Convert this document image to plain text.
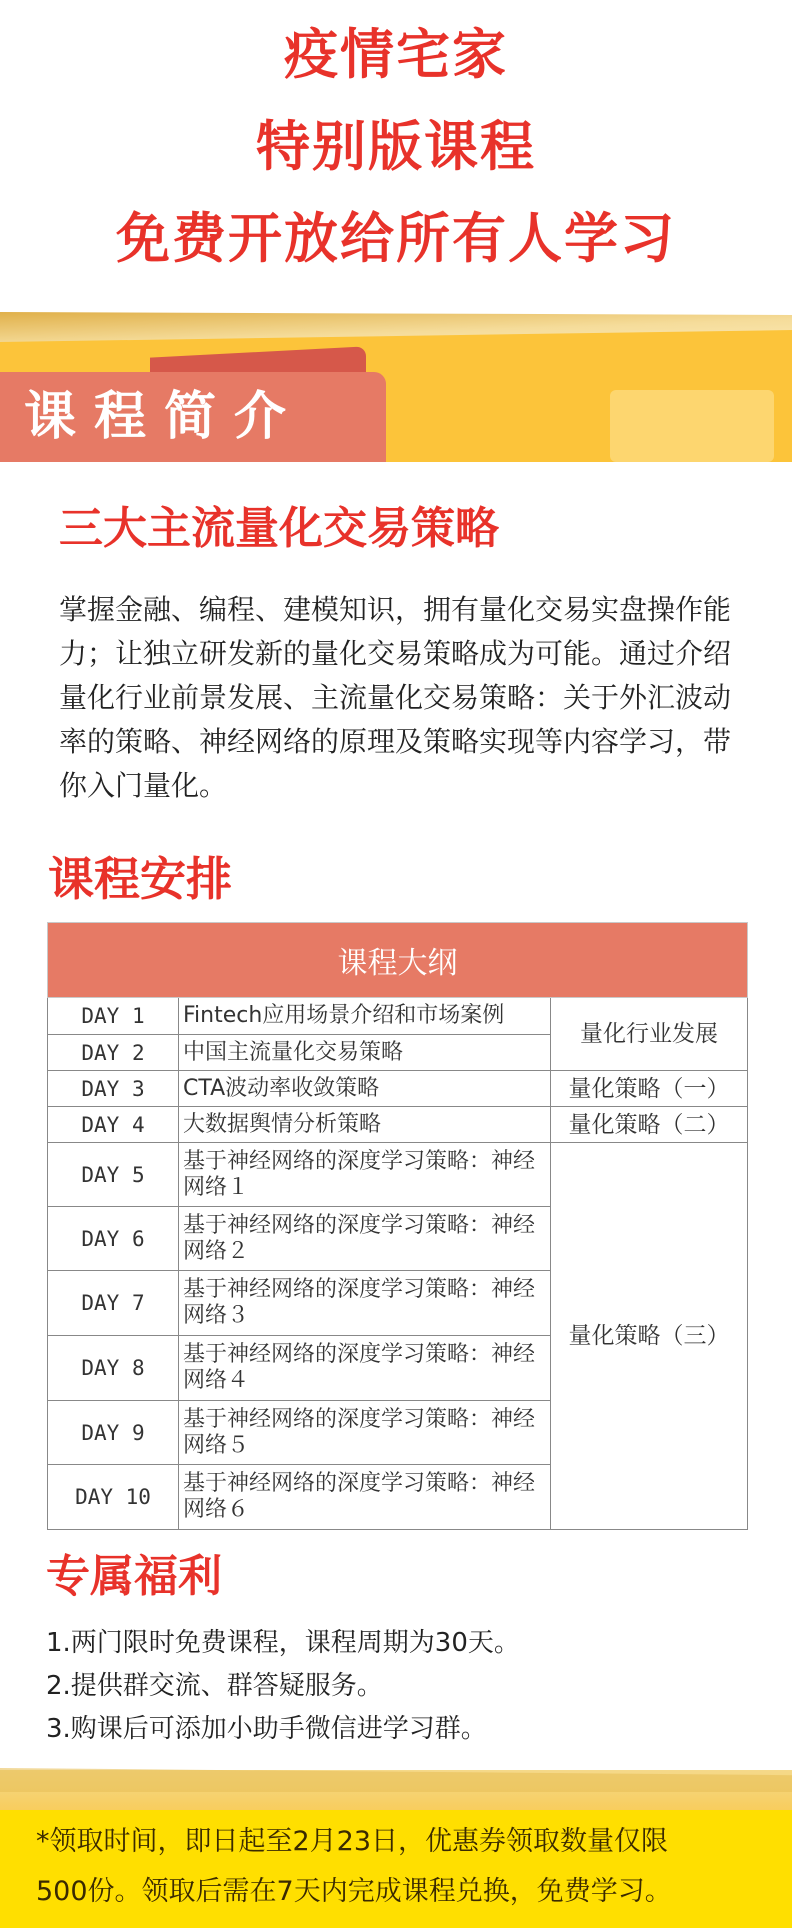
疫情宅家
特别版课程
免费开放给所有人学习
课程简介
三大主流量化交易策略
掌握金融、编程、建模知识，拥有量化交易实盘操作能力；让独立研发新的量化交易策略成为可能。通过介绍量化行业前景发展、主流量化交易策略：关于外汇波动率的策略、神经网络的原理及策略实现等内容学习，带你入门量化。
课程安排
课程大纲		
DAY 1	Fintech应用场景介绍和市场案例	量化行业发展
DAY 2	中国主流量化交易策略	
DAY 3	CTA波动率收敛策略	量化策略（一）
DAY 4	大数据舆情分析策略	量化策略（二）
DAY 5	基于神经网络的深度学习策略：神经网络１	量化策略（三）
DAY 6	基于神经网络的深度学习策略：神经网络２	
DAY 7	基于神经网络的深度学习策略：神经网络３	
DAY 8	基于神经网络的深度学习策略：神经网络４	
DAY 9	基于神经网络的深度学习策略：神经网络５	
DAY 10	基于神经网络的深度学习策略：神经网络６	
专属福利
1.两门限时免费课程，课程周期为30天。
2.提供群交流、群答疑服务。
3.购课后可添加小助手微信进学习群。
*领取时间，即日起至2月23日，优惠券领取数量仅限
500份。领取后需在7天内完成课程兑换，免费学习。
